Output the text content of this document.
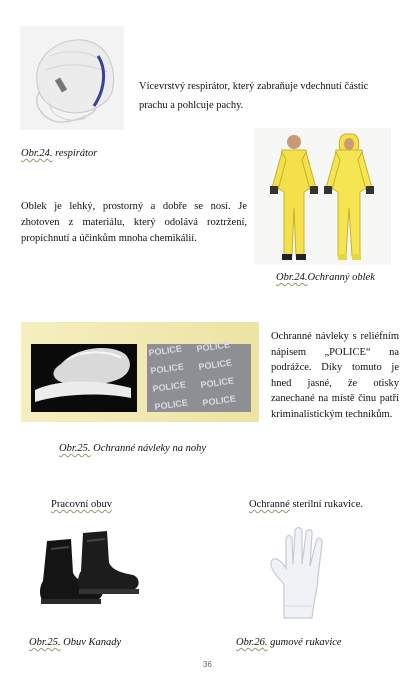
Vícevrstvý respirátor, který zabraňuje vdechnutí částic prachu a pohlcuje pachy.
Obr.24. respirátor
Oblek je lehký, prostorný a dobře se nosí. Je zhotoven z materiálu, který odolává roztržení, propíchnutí a účinkům mnoha chemikálií.
Obr.24.Ochranný oblek
POLICE POLICE
POLICE POLICE
POLICE POLICE
POLICE POLICE
Ochranné návleky s reliéfním nápisem „POLICE“ na podrážce. Díky tomuto je hned jasné, že otisky zanechané na místě činu patří kriminalistickým technikům.
Obr.25. Ochranné návleky na nohy
Pracovní obuv	Ochranné sterilní rukavice.
Obr.25. Obuv Kanady	Obr.26. gumové rukavice
36
